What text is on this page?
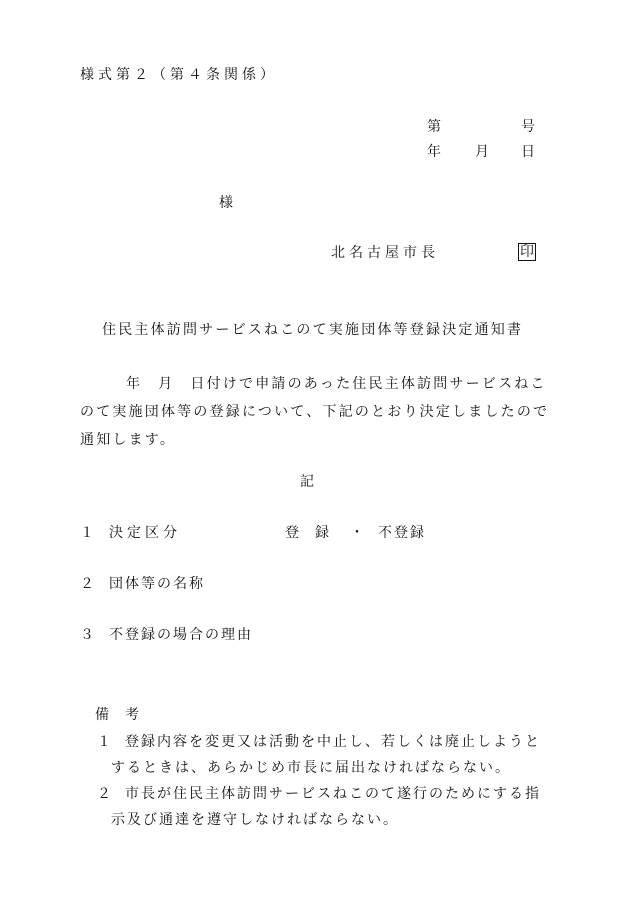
様式第２（第４条関係）
第	号
年 月 日
様
北名古屋市長	印
住民主体訪問サービスねこのて実施団体等登録決定通知書
年 月 日付けで申請のあった住民主体訪問サービスねこ
のて実施団体等の登録について、下記のとおり決定しましたので
通知します。
記
１ 決定区分	登　録 ・ 不登録
２ 団体等の名称
３ 不登録の場合の理由
備　考
１ 登録内容を変更又は活動を中止し、若しくは廃止しようと
するときは、あらかじめ市長に届出なければならない。
２ 市長が住民主体訪問サービスねこのて遂行のためにする指
示及び通達を遵守しなければならない。
